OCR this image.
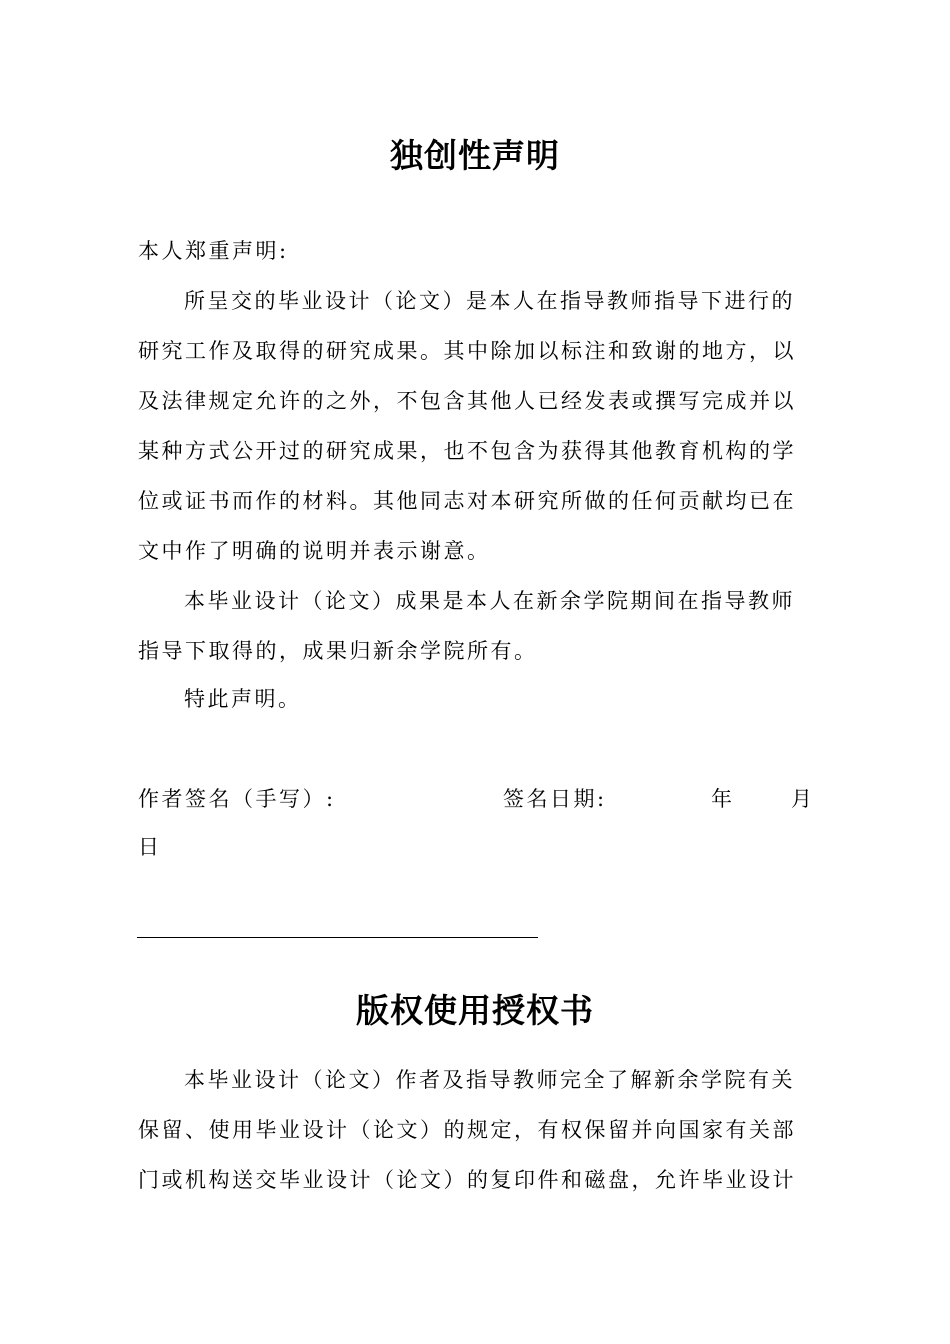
独创性声明
本人郑重声明:
所呈交的毕业设计（论文）是本人在指导教师指导下进行的
研究工作及取得的研究成果。其中除加以标注和致谢的地方，以
及法律规定允许的之外，不包含其他人已经发表或撰写完成并以
某种方式公开过的研究成果，也不包含为获得其他教育机构的学
位或证书而作的材料。其他同志对本研究所做的任何贡献均已在
文中作了明确的说明并表示谢意。
本毕业设计（论文）成果是本人在新余学院期间在指导教师
指导下取得的，成果归新余学院所有。
特此声明。
作者签名（手写）:	签名日期:	年	月
日
版权使用授权书
本毕业设计（论文）作者及指导教师完全了解新余学院有关
保留、使用毕业设计（论文）的规定，有权保留并向国家有关部
门或机构送交毕业设计（论文）的复印件和磁盘，允许毕业设计
